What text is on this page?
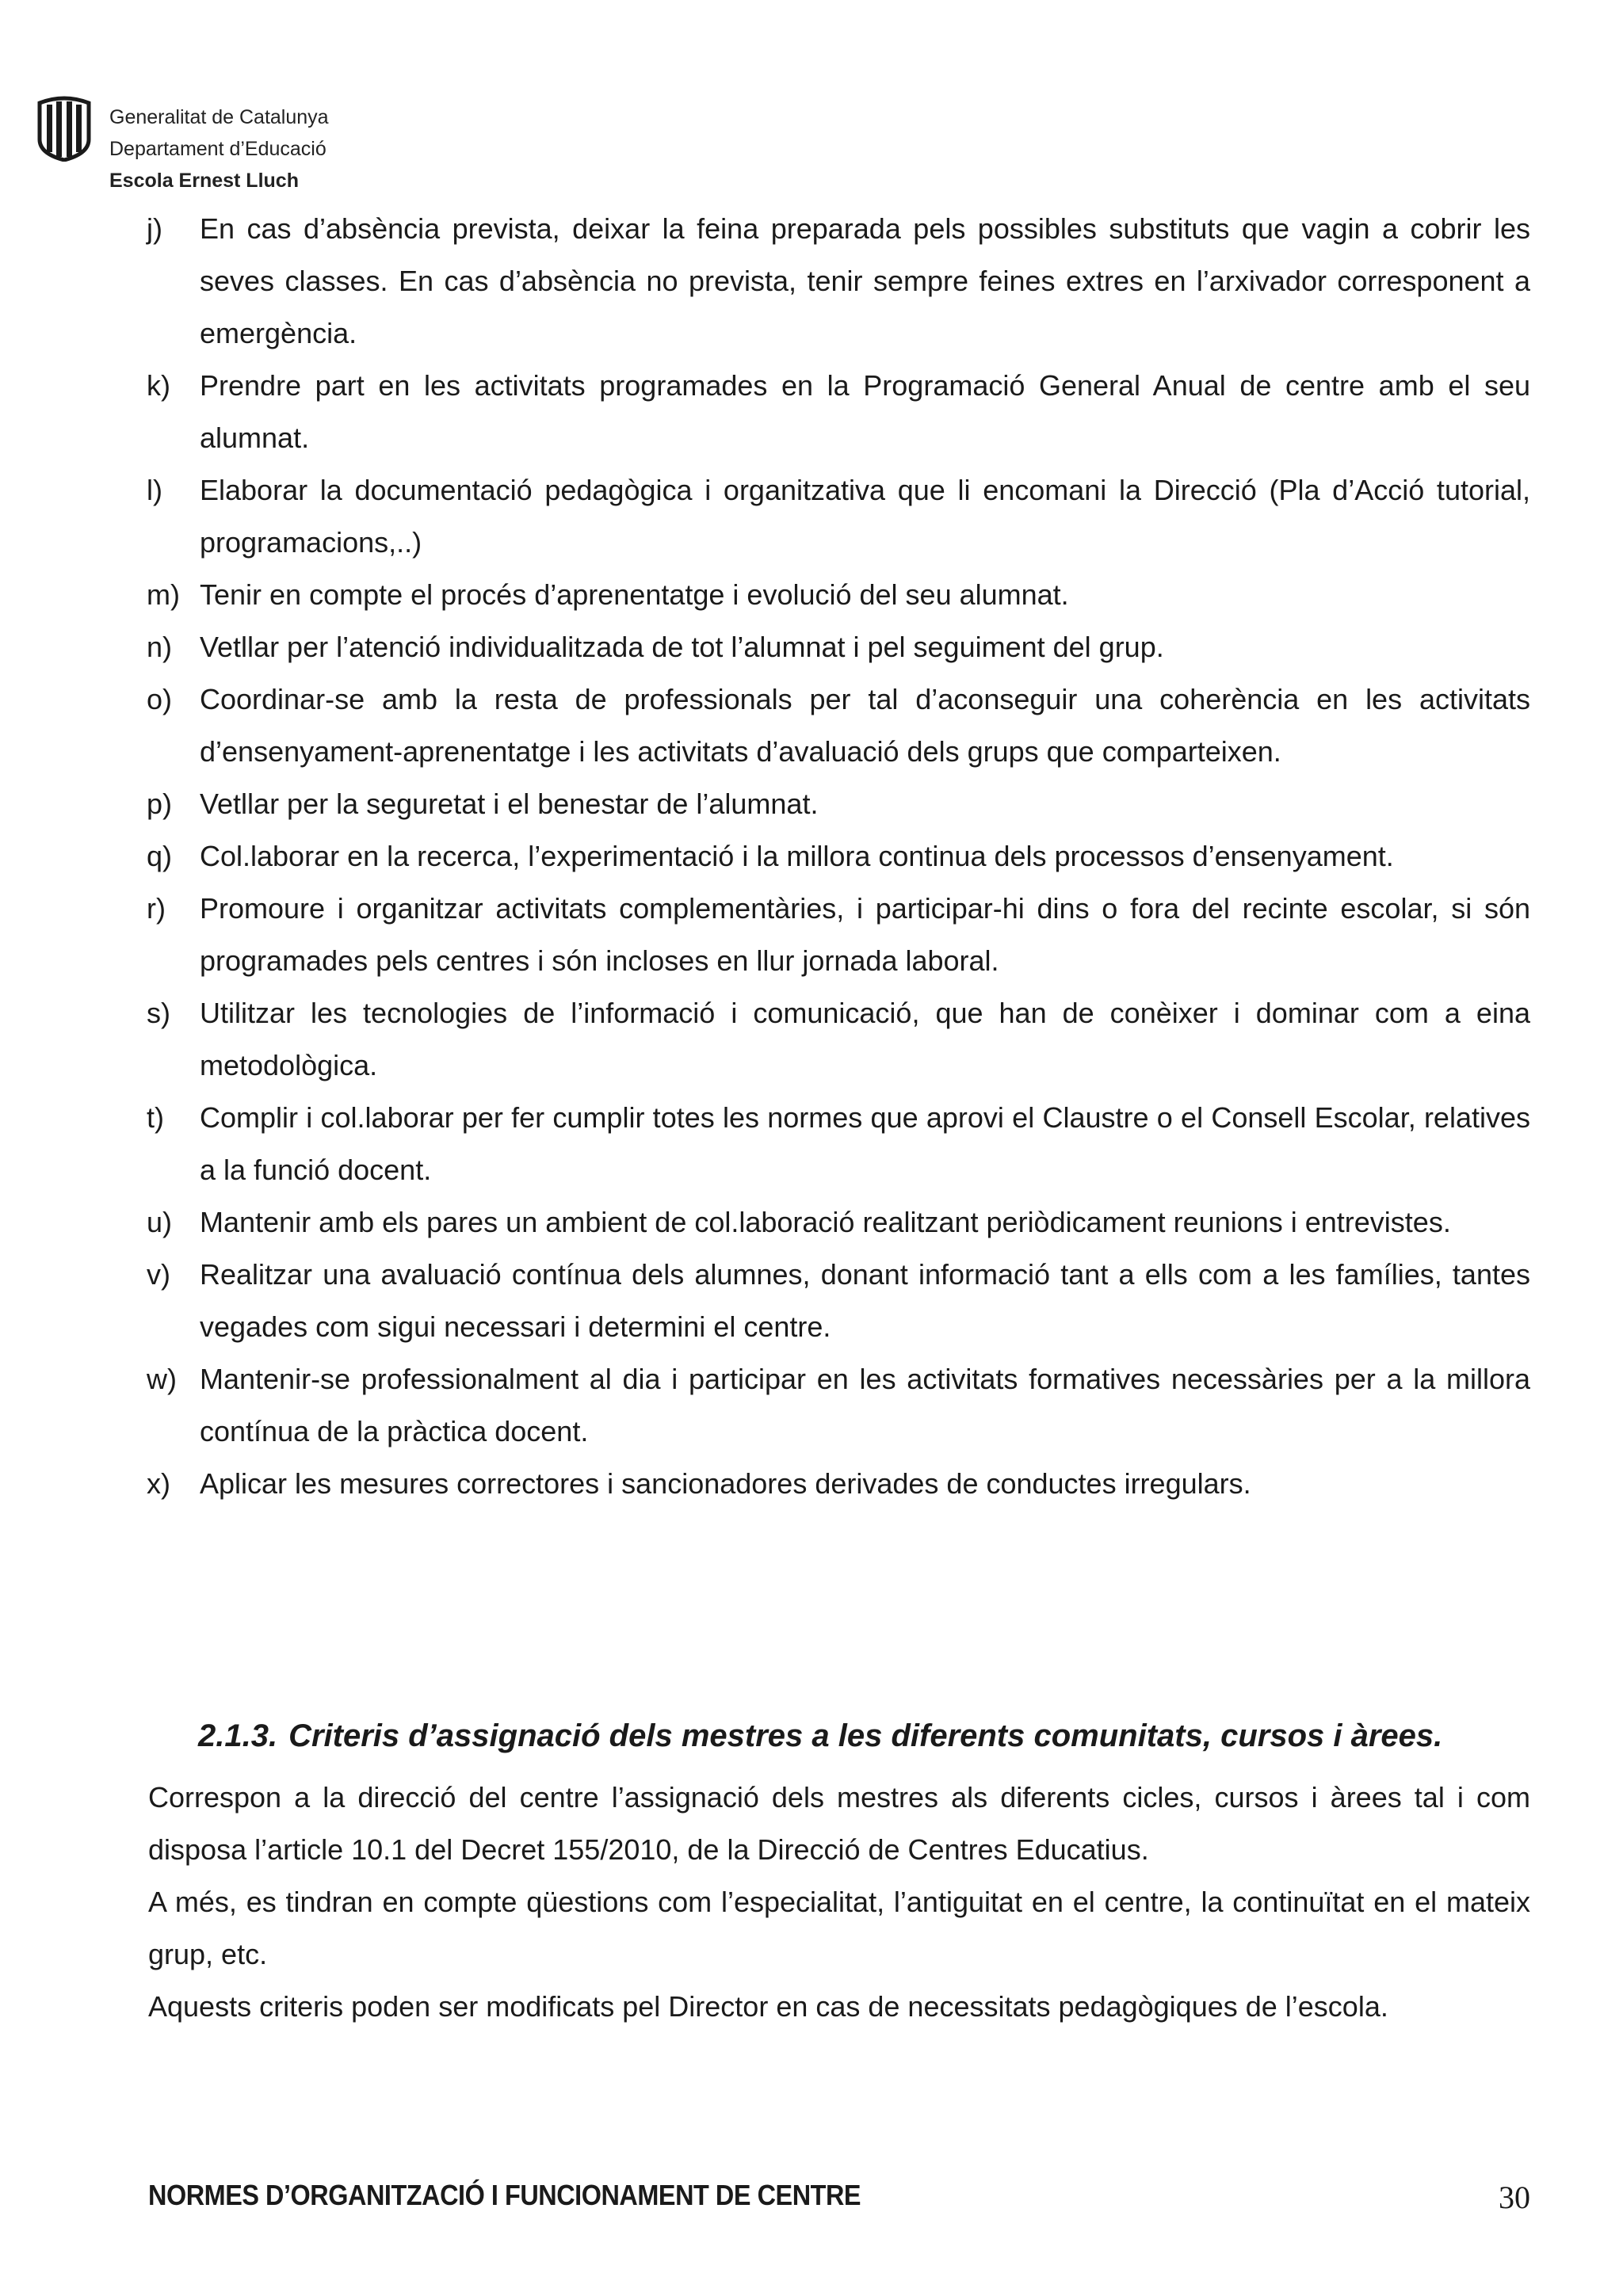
Generalitat de Catalunya
Departament d’Educació
Escola Ernest Lluch
j)	En cas d’absència prevista, deixar la feina preparada pels possibles substituts que vagin a cobrir les seves classes. En cas d’absència no prevista, tenir sempre feines extres en l’arxivador corresponent a emergència.
k)	Prendre part en les activitats programades en la Programació General Anual de centre amb el seu alumnat.
l)	Elaborar la documentació pedagògica i organitzativa que li encomani la Direcció (Pla d’Acció tutorial, programacions,..)
m) Tenir en compte el procés d’aprenentatge i evolució del seu alumnat.
n) Vetllar per l’atenció individualitzada de tot l’alumnat i pel seguiment del grup.
o) Coordinar-se amb la resta de professionals per tal d’aconseguir una coherència en les activitats d’ensenyament-aprenentatge i les activitats d’avaluació dels grups que comparteixen.
p) Vetllar per la seguretat i el benestar de l’alumnat.
q) Col.laborar en la recerca, l’experimentació i la millora continua dels processos d’ensenyament.
r)	Promoure i organitzar activitats complementàries, i participar-hi dins o fora del recinte escolar, si són programades pels centres i són incloses en llur jornada laboral.
s)	Utilitzar les tecnologies de l’informació i comunicació, que han de conèixer i dominar com a eina metodològica.
t)	Complir i col.laborar per fer cumplir totes les normes que aprovi el Claustre o el Consell Escolar, relatives a la funció docent.
u) Mantenir amb els pares un ambient de col.laboració realitzant periòdicament reunions i entrevistes.
v)	Realitzar una avaluació contínua dels alumnes, donant informació tant a ells com a les famílies, tantes vegades com sigui necessari i determini el centre.
w) Mantenir-se professionalment al dia i participar en les activitats formatives necessàries per a la millora contínua de la pràctica docent.
x)	Aplicar les mesures correctores i sancionadores derivades de conductes irregulars.
2.1.3. Criteris d’assignació dels mestres a les diferents comunitats, cursos i àrees.

Correspon a la direcció del centre l’assignació dels mestres als diferents cicles, cursos i àrees tal i com disposa l’article 10.1 del Decret 155/2010, de la Direcció de Centres Educatius.

A més, es tindran en compte qüestions com l’especialitat, l’antiguitat en el centre, la continuïtat en el mateix grup, etc.

Aquests criteris poden ser modificats pel Director en cas de necessitats pedagògiques de l’escola.

NORMES D’ORGANITZACIÓ I FUNCIONAMENT DE CENTRE	30
